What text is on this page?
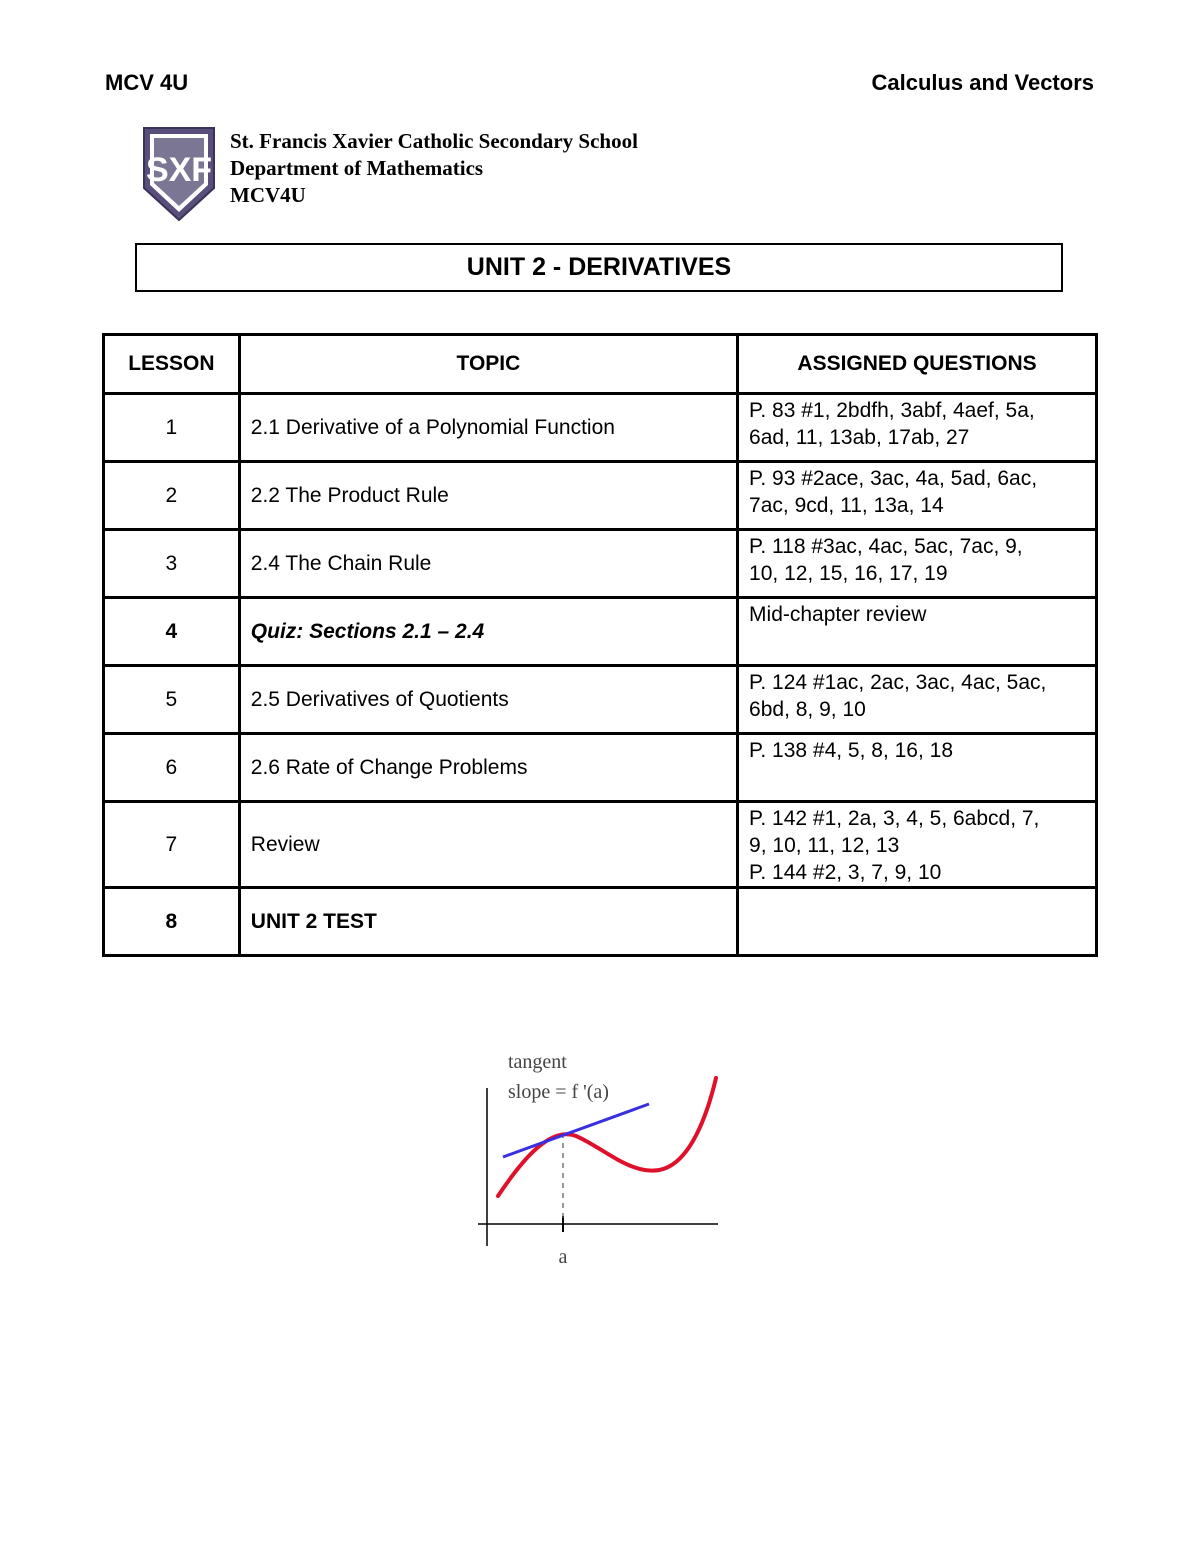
MCV 4U	Calculus and Vectors
SXF
St. Francis Xavier Catholic Secondary School
Department of Mathematics
MCV4U
UNIT 2 - DERIVATIVES
LESSON	TOPIC	ASSIGNED QUESTIONS
1	2.1 Derivative of a Polynomial Function	P. 83 #1, 2bdfh, 3abf, 4aef, 5a,
6ad, 11, 13ab, 17ab, 27

2	2.2 The Product Rule	P. 93 #2ace, 3ac, 4a, 5ad, 6ac,
7ac, 9cd, 11, 13a, 14

3	2.4 The Chain Rule	P. 118 #3ac, 4ac, 5ac, 7ac, 9,
10, 12, 15, 16, 17, 19

4	Quiz: Sections 2.1 – 2.4	Mid-chapter review

5	2.5 Derivatives of Quotients	P. 124 #1ac, 2ac, 3ac, 4ac, 5ac,
6bd, 8, 9, 10

6	2.6 Rate of Change Problems	P. 138 #4, 5, 8, 16, 18

7	Review	P. 142 #1, 2a, 3, 4, 5, 6abcd, 7,
9, 10, 11, 12, 13
P. 144 #2, 3, 7, 9, 10

8	UNIT 2 TEST	
tangent
slope = f '(a)
a
